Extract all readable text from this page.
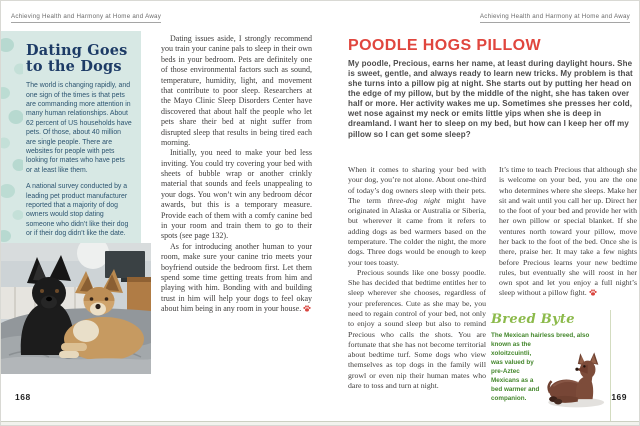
Achieving Health and Harmony at Home and Away	Achieving Health and Harmony at Home and Away
Dating Goes to the Dogs

The world is changing rapidly, and one sign of the times is that pets are commanding more attention in many human relationships. About 62 percent of US households have pets. Of those, about 40 million are single people. There are websites for people with pets looking for mates who have pets or at least like them.

A national survey conducted by a leading pet product manufacturer reported that a majority of dog owners would stop dating someone who didn’t like their dog or if their dog didn’t like the date.

Dating issues aside, I strongly recommend you train your canine pals to sleep in their own beds in your bedroom. Pets are definitely one of those environmental factors such as sound, temperature, humidity, light, and movement that contribute to poor sleep. Researchers at the Mayo Clinic Sleep Disorders Center have discovered that about half the people who let pets share their bed at night suffer from disrupted sleep that results in being tired each morning.

Initially, you need to make your bed less inviting. You could try covering your bed with sheets of bubble wrap or another crinkly material that sounds and feels unappealing to your dogs. You won’t win any bedroom décor awards, but this is a temporary measure. Provide each of them with a comfy canine bed in your room and train them to go to their spots (see page 132).

As for introducing another human to your room, make sure your canine trio meets your boyfriend outside the bedroom first. Let them spend some time getting treats from him and playing with him. Bonding with and building trust in him will help your dogs to feel okay about him being in any room in your house.

168
POODLE HOGS PILLOW
My poodle, Precious, earns her name, at least during daylight hours. She is sweet, gentle, and always ready to learn new tricks. My problem is that she turns into a pillow pig at night. She starts out by putting her head on the edge of my pillow, but by the middle of the night, she has taken over half or more. Her activity wakes me up. Sometimes she presses her cold, wet nose against my neck or emits little yips when she is deep in dreamland. I want her to sleep on my bed, but how can I keep her off my pillow so I can get some sleep?

When it comes to sharing your bed with your dog, you’re not alone. About one-third of today’s dog owners sleep with their pets. The term three-dog night might have originated in Alaska or Australia or Siberia, but wherever it came from it refers to adding dogs as bed warmers based on the temperature. The colder the night, the more dogs. Three dogs would be enough to keep your toes toasty.

Precious sounds like one bossy poodle. She has decided that bedtime entitles her to sleep wherever she chooses, regardless of your preferences. Cute as she may be, you need to regain control of your bed, not only to enjoy a sound sleep but also to remind Precious who calls the shots. You are fortunate that she has not become territorial about bedtime turf. Some dogs who view themselves as top dogs in the family will growl or even nip their human mates who dare to toss and turn at night.

It’s time to teach Precious that although she is welcome on your bed, you are the one who determines where she sleeps. Make her sit and wait until you call her up. Direct her to the foot of your bed and provide her with her own pillow or special blanket. If she ventures north toward your pillow, move her back to the foot of the bed. Once she is there, praise her. It may take a few nights before Precious learns your new bedtime rules, but eventually she will roost in her own spot and let you enjoy a full night’s sleep without a pillow fight.

Breed Byte
The Mexican hairless breed, also known as the xoloitzcuintli, was valued by pre-Aztec Mexicans as a bed warmer and companion.	169
